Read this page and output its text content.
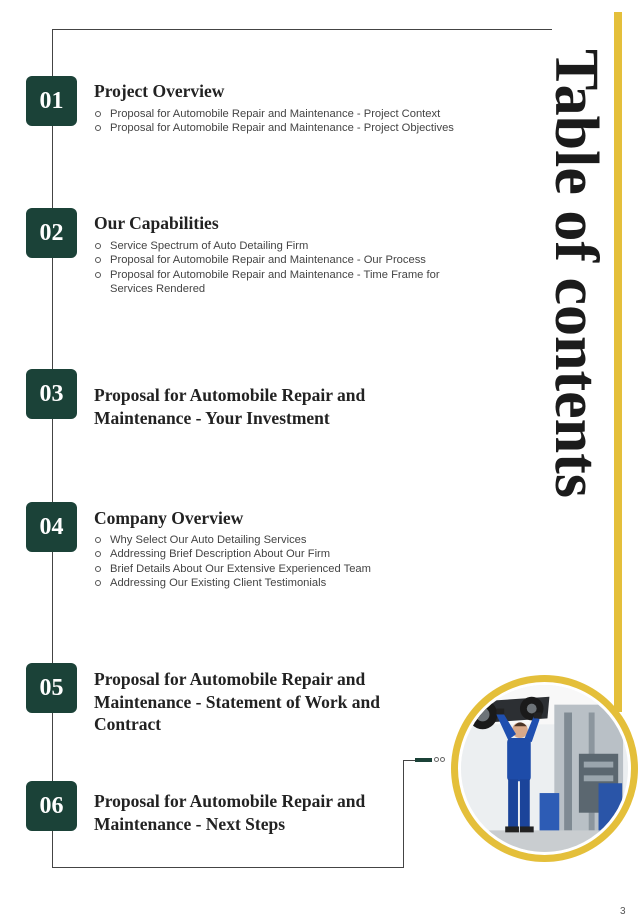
Table of contents
01	Project Overview
Proposal for Automobile Repair and Maintenance - Project Context
Proposal for Automobile Repair and Maintenance - Project Objectives
02	Our Capabilities
Service Spectrum of Auto Detailing Firm
Proposal for Automobile Repair and Maintenance - Our Process
Proposal for Automobile Repair and Maintenance - Time Frame for Services Rendered
03	Proposal for Automobile Repair and Maintenance - Your Investment
04	Company Overview
Why Select Our Auto Detailing Services
Addressing Brief Description About Our Firm
Brief Details About Our Extensive Experienced Team
Addressing Our Existing Client Testimonials
05	Proposal for Automobile Repair and Maintenance - Statement of Work and Contract
06	Proposal for Automobile Repair and Maintenance - Next Steps
3
